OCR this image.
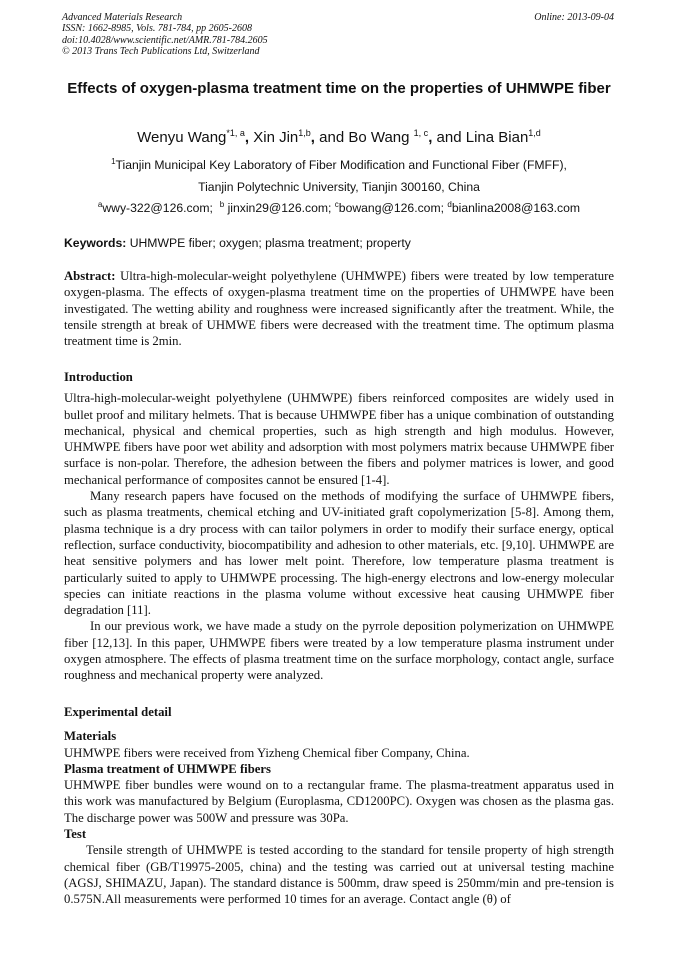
Advanced Materials Research
ISSN: 1662-8985, Vols. 781-784, pp 2605-2608
doi:10.4028/www.scientific.net/AMR.781-784.2605
© 2013 Trans Tech Publications Ltd, Switzerland
Online: 2013-09-04
Effects of oxygen-plasma treatment time on the properties of UHMWPE fiber
Wenyu Wang$^{*1, a}$, Xin Jin$^{1,b}$, and Bo Wang $^{1, c}$, and Lina Bian$^{1,d}$
$^1$Tianjin Municipal Key Laboratory of Fiber Modification and Functional Fiber (FMFF),
Tianjin Polytechnic University, Tianjin 300160, China
$^a$wwy-322@126.com; $^b$ jinxin29@126.com; $^c$bowang@126.com; $^d$bianlina2008@163.com
Keywords: UHMWPE fiber; oxygen; plasma treatment; property

Abstract: Ultra-high-molecular-weight polyethylene (UHMWPE) fibers were treated by low temperature oxygen-plasma. The effects of oxygen-plasma treatment time on the properties of UHMWPE have been investigated. The wetting ability and roughness were increased significantly after the treatment. While, the tensile strength at break of UHMWE fibers were decreased with the treatment time. The optimum plasma treatment time is 2min.

Introduction

Ultra-high-molecular-weight polyethylene (UHMWPE) fibers reinforced composites are widely used in bullet proof and military helmets. That is because UHMWPE fiber has a unique combination of outstanding mechanical, physical and chemical properties, such as high strength and high modulus. However, UHMWPE fibers have poor wet ability and adsorption with most polymers matrix because UHMWPE fiber surface is non-polar. Therefore, the adhesion between the fibers and polymer matrices is lower, and good mechanical performance of composites cannot be ensured [1-4].

Many research papers have focused on the methods of modifying the surface of UHMWPE fibers, such as plasma treatments, chemical etching and UV-initiated graft copolymerization [5-8]. Among them, plasma technique is a dry process with can tailor polymers in order to modify their surface energy, optical reflection, surface conductivity, biocompatibility and adhesion to other materials, etc. [9,10]. UHMWPE are heat sensitive polymers and has lower melt point. Therefore, low temperature plasma treatment is particularly suited to apply to UHMWPE processing. The high-energy electrons and low-energy molecular species can initiate reactions in the plasma volume without excessive heat causing UHMWPE fiber degradation [11].

In our previous work, we have made a study on the pyrrole deposition polymerization on UHMWPE fiber [12,13]. In this paper, UHMWPE fibers were treated by a low temperature plasma instrument under oxygen atmosphere. The effects of plasma treatment time on the surface morphology, contact angle, surface roughness and mechanical property were analyzed.

Experimental detail

Materials

UHMWPE fibers were received from Yizheng Chemical fiber Company, China.

Plasma treatment of UHMWPE fibers

UHMWPE fiber bundles were wound on to a rectangular frame. The plasma-treatment apparatus used in this work was manufactured by Belgium (Europlasma, CD1200PC). Oxygen was chosen as the plasma gas. The discharge power was 500W and pressure was 30Pa.

Test

Tensile strength of UHMWPE is tested according to the standard for tensile property of high strength chemical fiber (GB/T19975-2005, china) and the testing was carried out at universal testing machine (AGSJ, SHIMAZU, Japan). The standard distance is 500mm, draw speed is 250mm/min and pre-tension is 0.575N.All measurements were performed 10 times for an average. Contact angle (θ) of
